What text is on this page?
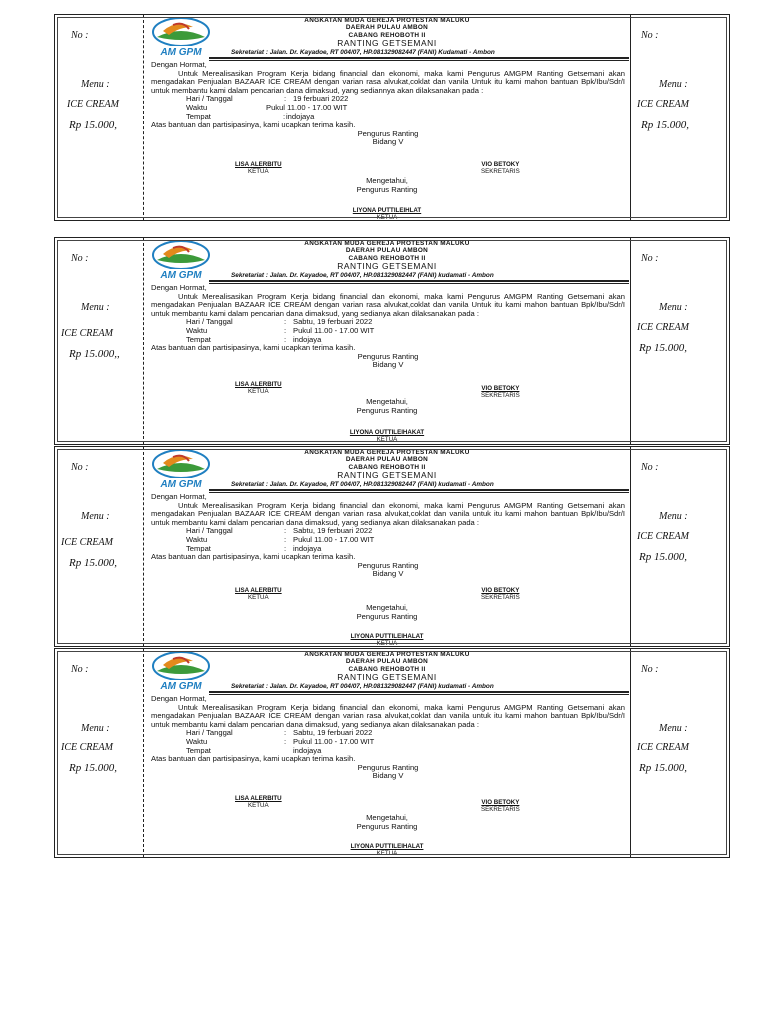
No :
Menu :
ICE CREAM
Rp 15.000,
ANGKATAN MUDA GEREJA PROTESTAN MALUKU
DAERAH PULAU AMBON
CABANG REHOBOTH II
RANTING GETSEMANI
Sekretariat : Jalan. Dr. Kayadoe, RT 004/07, HP.081329082447 (FANI) Kudamati - Ambon

Dengan Hormat,

Untuk Merealisasikan Program Kerja bidang financial dan ekonomi, maka kami Pengurus AMGPM Ranting Getsemani akan mengadakan Penjualan BAZAAR ICE CREAM dengan varian rasa alvukat,coklat dan vanila Untuk itu kami mahon bantuan Bpk/Ibu/Sdr/I untuk membantu kami dalam pencarian dana dimaksud, yang sediannya akan dilaksanakan pada :

Hari / Tanggal	: 19 ferbuari 2022
Waktu	Pukul 11.00 - 17.00 WIT
Tempat	: indojaya

Atas bantuan dan partisipasinya, kami ucapkan terima kasih.

Pengurus Ranting

Bidang V

LISA ALERBITU
KETUA
VIO BETOKY
SEKRETARIS
Mengetahui,
Pengurus Ranting
LIYONA PUTTILEIHLAT
KETUA
No :
Menu :
ICE CREAM
Rp 15.000,
No :
Menu :
ICE CREAM
Rp 15.000,,
ANGKATAN MUDA GEREJA PROTESTAN MALUKU
DAERAH PULAU AMBON
CABANG REHOBOTH II
RANTING GETSEMANI
Sekretariat : Jalan. Dr. Kayadoe, RT 004/07, HP.081329082447 (FANI) kudamati - Ambon

Dengan Hormat,

Untuk Merealisasikan Program Kerja bidang financial dan ekonomi, maka kami Pengurus AMGPM Ranting Getsemani akan mengadakan Penjualan BAZAAR ICE CREAM dengan varian rasa alvukat,coklat dan vanila Untuk itu kami mahon bantuan Bpk/Ibu/Sdr/I untuk membantu kami dalam pencarian dana dimaksud, yang sedianya akan dilaksanakan pada :

Hari / Tanggal	: Sabtu, 19 ferbuari 2022
Waktu	: Pukul 11.00 - 17.00 WIT
Tempat	: indojaya

Atas bantuan dan partisipasinya, kami ucapkan terima kasih.

Pengurus Ranting

Bidang V

LISA ALERBITU
KETUA	VIO BETOKY
SEKRETARIS
Mengetahui,
Pengurus Ranting
LIYONA OUTTILEIHAKAT
KETUA
No :
Menu :
ICE CREAM
Rp 15.000,
No :
Menu :
ICE CREAM
Rp 15.000,
ANGKATAN MUDA GEREJA PROTESTAN MALUKU
DAERAH PULAU AMBON
CABANG REHOBOTH II
RANTING GETSEMANI
Sekretariat : Jalan. Dr. Kayadoe, RT 004/07, HP.081329082447 (FANI) kudamati - Ambon

Dengan Hormat,

Untuk Merealisasikan Program Kerja bidang financial dan ekonomi, maka kami Pengurus AMGPM Ranting Getsemani akan mengadakan Penjualan BAZAAR ICE CREAM dengan varian rasa alvukat,coklat dan vanila untuk itu kami mahon bantuan Bpk/Ibu/Sdr/I untuk membantu kami dalam pencarian dana dimaksud, yang sedianya akan dilaksanakan pada :

Hari / Tanggal	: Sabtu, 19 ferbuari 2022
Waktu	: Pukul 11.00 - 17.00 WIT
Tempat	: indojaya

Atas bantuan dan partisipasinya, kami ucapkan terima kasih.

Pengurus Ranting

Bidang V

LISA ALERBITU
KETUA
VIO BETOKY
SEKRETARIS
Mengetahui,
Pengurus Ranting
LIYONA PUTTILEIHALAT
KETUA
No :
Menu :
ICE CREAM
Rp 15.000,
No :
Menu :
ICE CREAM
Rp 15.000,
ANGKATAN MUDA GEREJA PROTESTAN MALUKU
DAERAH PULAU AMBON
CABANG REHOBOTH II
RANTING GETSEMANI
Sekretariat : Jalan. Dr. Kayadoe, RT 004/07, HP.081329082447 (FANI) kudamati - Ambon

Dengan Hormat,

Untuk Merealisasikan Program Kerja bidang financial dan ekonomi, maka kami Pengurus AMGPM Ranting Getsemani akan mengadakan Penjualan BAZAAR ICE CREAM dengan varian rasa alvukat,coklat dan vanila untuk itu kami mahon bantuan Bpk/Ibu/Sdr/I untuk membantu kami dalam pencarian dana dimaksud, yang sedianya akan dilaksanakan pada :

Hari / Tanggal	: Sabtu, 19 ferbuari 2022
Waktu	: Pukul 11.00 - 17.00 WIT
Tempat	indojaya

Atas bantuan dan partisipasinya, kami ucapkan terima kasih.

Pengurus Ranting

Bidang V

LISA ALERBITU
KETUA	VIO BETOKY
SEKRETARIS
Mengetahui,
Pengurus Ranting
LIYONA PUTTILEIHALAT
KETUA
No :
Menu :
ICE CREAM
Rp 15.000,
